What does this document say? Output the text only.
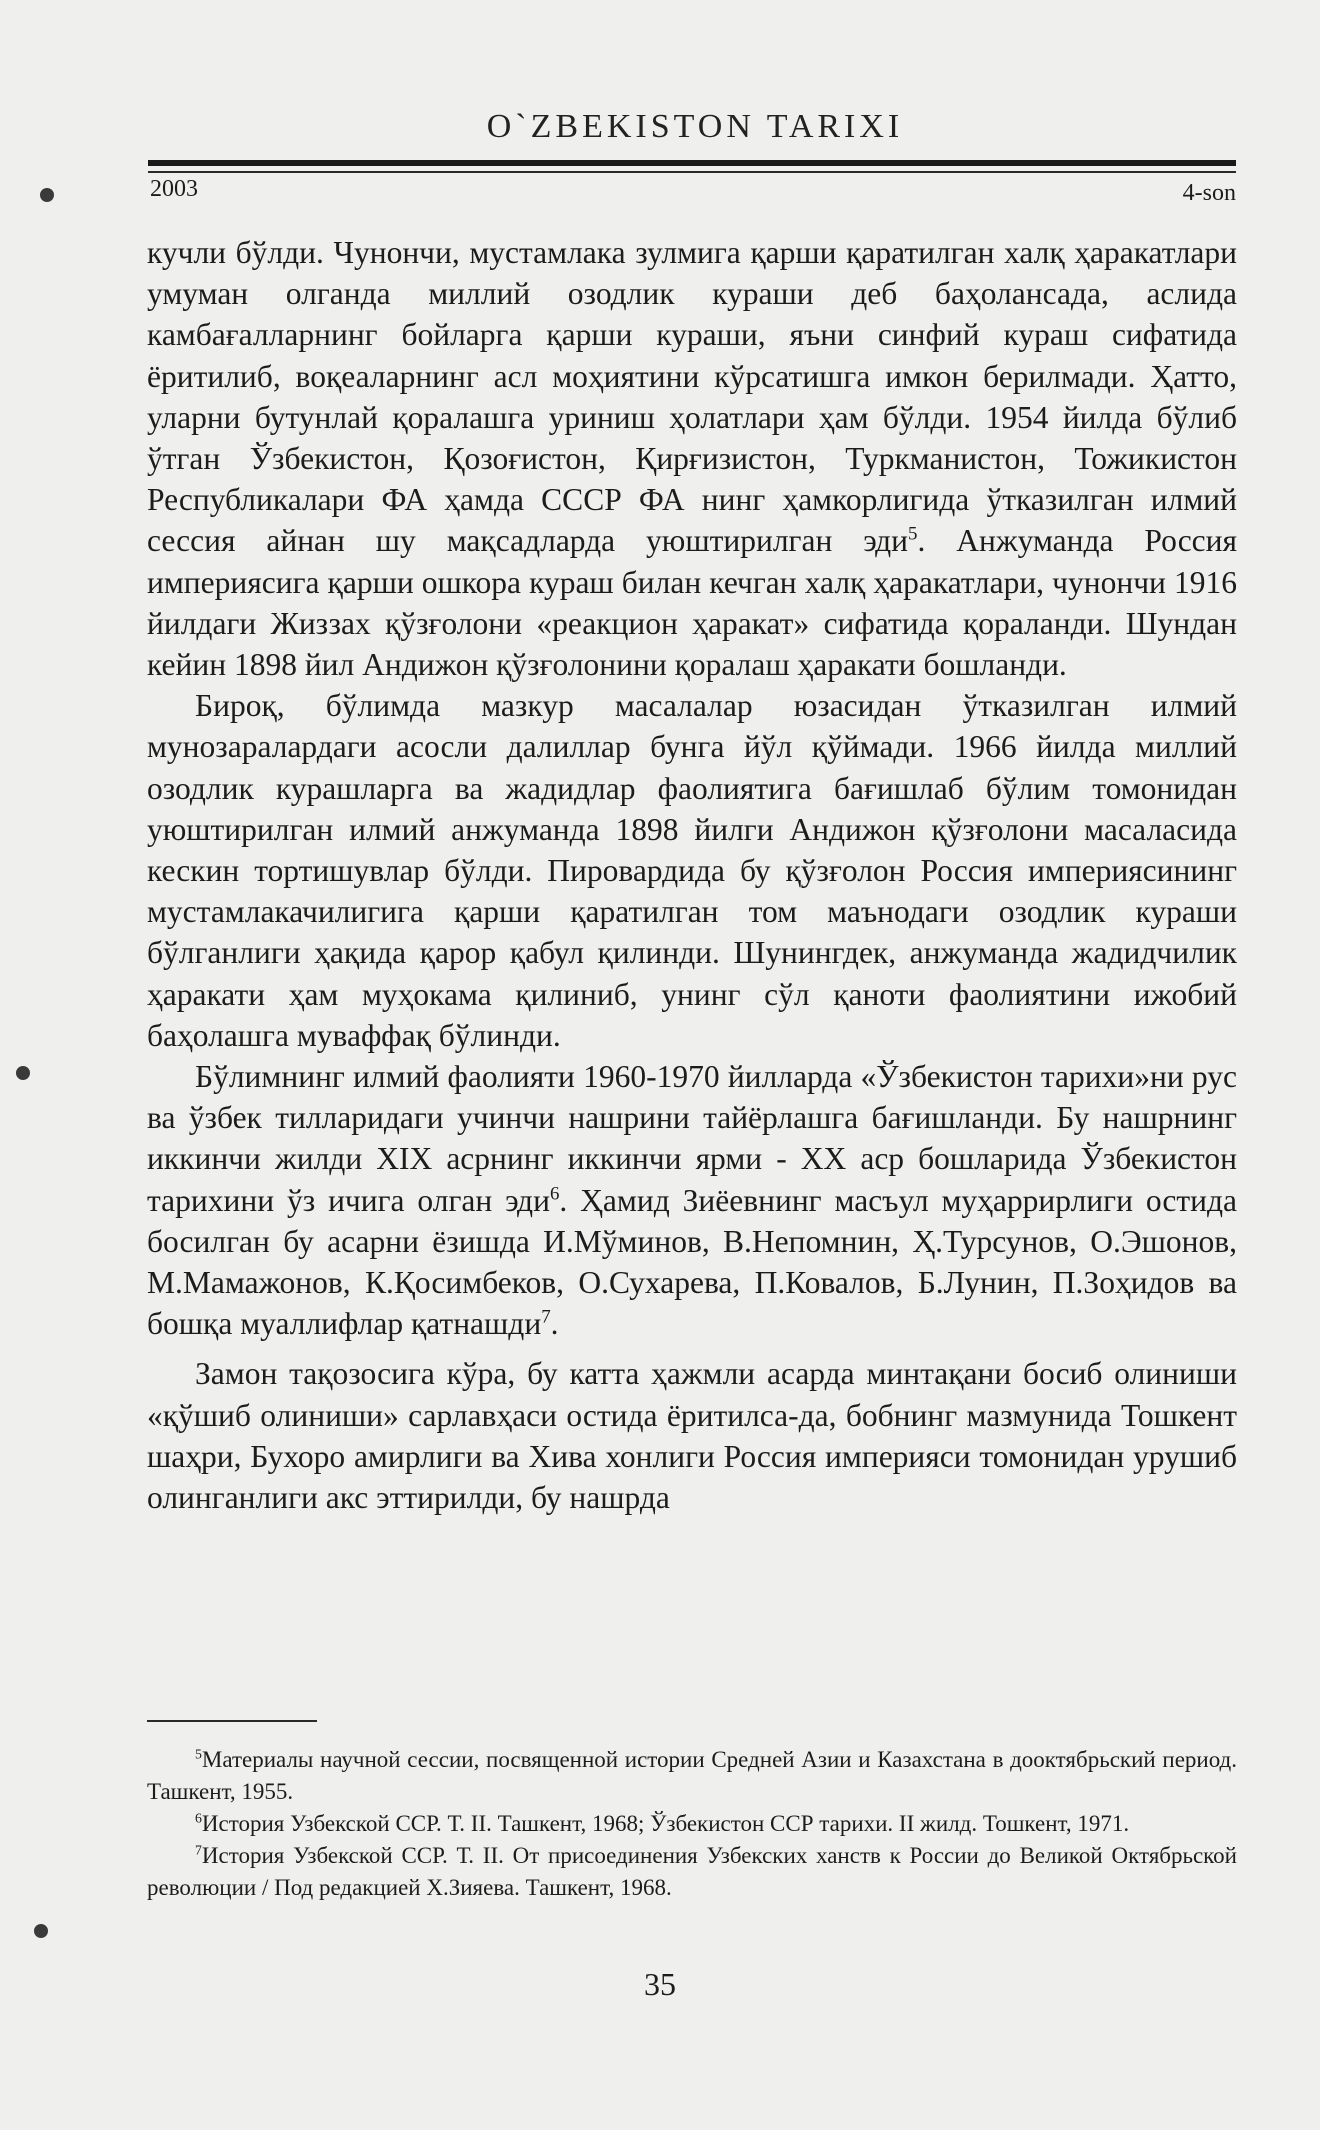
O`ZBEKISTON TARIXI
2003	4-son

кучли бўлди. Чунончи, мустамлака зулмига қарши қаратилган халқ ҳаракатлари умуман олганда миллий озодлик кураши деб баҳолансада, аслида камбағалларнинг бойларга қарши кураши, яъни синфий кураш сифатида ёритилиб, воқеаларнинг асл моҳиятини кўрсатишга имкон берилмади. Ҳатто, уларни бутунлай қоралашга уриниш ҳолатлари ҳам бўлди. 1954 йилда бўлиб ўтган Ўзбекистон, Қозоғистон, Қирғизистон, Туркманистон, Тожикистон Республикалари ФА ҳамда СССР ФА нинг ҳамкорлигида ўтказилган илмий сессия айнан шу мақсадларда уюштирилган эди$^5$. Анжуманда Россия империясига қарши ошкора кураш билан кечган халқ ҳаракатлари, чунончи 1916 йилдаги Жиззах қўзғолони «реакцион ҳаракат» сифатида қораланди. Шундан кейин 1898 йил Андижон қўзғолонини қоралаш ҳаракати бошланди.

Бироқ, бўлимда мазкур масалалар юзасидан ўтказилган илмий мунозаралардаги асосли далиллар бунга йўл қўймади. 1966 йилда миллий озодлик курашларга ва жадидлар фаолиятига бағишлаб бўлим томонидан уюштирилган илмий анжуманда 1898 йилги Андижон қўзғолони масаласида кескин тортишувлар бўлди. Пировардида бу қўзғолон Россия империясининг мустамлакачилигига қарши қаратилган том маънодаги озодлик кураши бўлганлиги ҳақида қарор қабул қилинди. Шунингдек, анжуманда жадидчилик ҳаракати ҳам муҳокама қилиниб, унинг сўл қаноти фаолиятини ижобий баҳолашга муваффақ бўлинди.

Бўлимнинг илмий фаолияти 1960-1970 йилларда «Ўзбекистон тарихи»ни рус ва ўзбек тилларидаги учинчи нашрини тайёрлашга бағишланди. Бу нашрнинг иккинчи жилди XIX асрнинг иккинчи ярми - XX аср бошларида Ўзбекистон тарихини ўз ичига олган эди$^6$. Ҳамид Зиёевнинг масъул муҳаррирлиги остида босилган бу асарни ёзишда И.Мўминов, В.Непомнин, Ҳ.Турсунов, О.Эшонов, М.Мамажонов, К.Қосимбеков, О.Сухарева, П.Ковалов, Б.Лунин, П.Зоҳидов ва бошқа муаллифлар қатнашди$^7$.

Замон тақозосига кўра, бу катта ҳажмли асарда минтақани босиб олиниши «қўшиб олиниши» сарлавҳаси остида ёритилса-да, бобнинг мазмунида Тошкент шаҳри, Бухоро амирлиги ва Хива хонлиги Россия империяси томонидан урушиб олинганлиги акс эттирилди, бу нашрда

$^5$Материалы научной сессии, посвященной истории Средней Азии и Казахстана в дооктябрьский период. Ташкент, 1955.

$^6$История Узбекской ССР. Т. II. Ташкент, 1968; Ўзбекистон ССР тарихи. II жилд. Тошкент, 1971.

$^7$История Узбекской ССР. Т. II. От присоединения Узбекских ханств к России до Великой Октябрьской революции / Под редакцией Х.Зияева. Ташкент, 1968.

35
